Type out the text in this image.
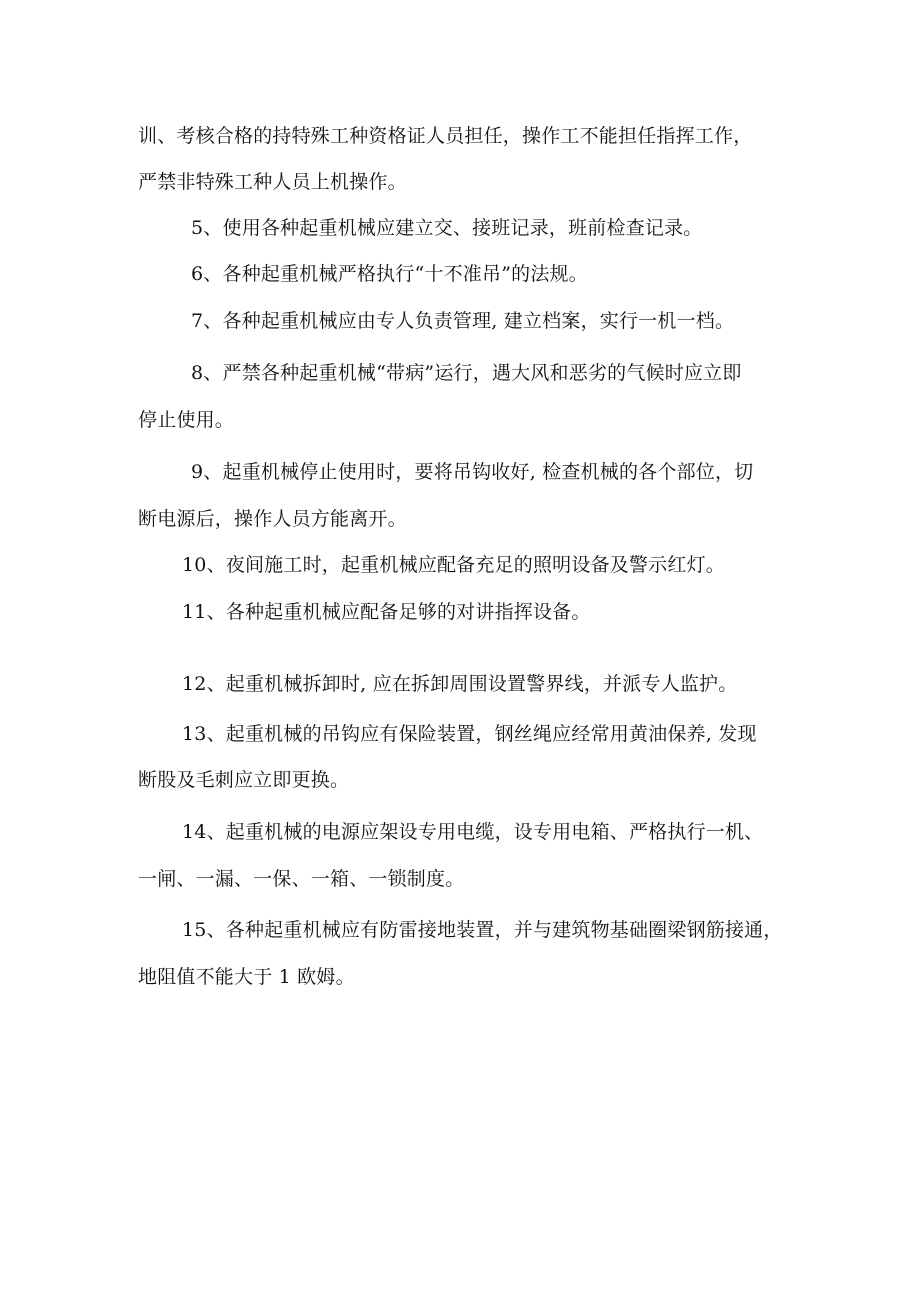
训、考核合格的持特殊工种资格证人员担任，操作工不能担任指挥工作，
严禁非特殊工种人员上机操作。
5、使用各种起重机械应建立交、接班记录，班前检查记录。
6、各种起重机械严格执行“十不准吊”的法规。
7、各种起重机械应由专人负责管理, 建立档案，实行一机一档。
8、严禁各种起重机械“带病”运行，遇大风和恶劣的气候时应立即
停止使用。
9、起重机械停止使用时，要将吊钩收好, 检查机械的各个部位，切
断电源后，操作人员方能离开。
10、夜间施工时，起重机械应配备充足的照明设备及警示红灯。
11、各种起重机械应配备足够的对讲指挥设备。
12、起重机械拆卸时, 应在拆卸周围设置警界线，并派专人监护。
13、起重机械的吊钩应有保险装置，钢丝绳应经常用黄油保养, 发现
断股及毛刺应立即更换。
14、起重机械的电源应架设专用电缆，设专用电箱、严格执行一机、
一闸、一漏、一保、一箱、一锁制度。
15、各种起重机械应有防雷接地装置，并与建筑物基础圈梁钢筋接通，
地阻值不能大于 1 欧姆。
